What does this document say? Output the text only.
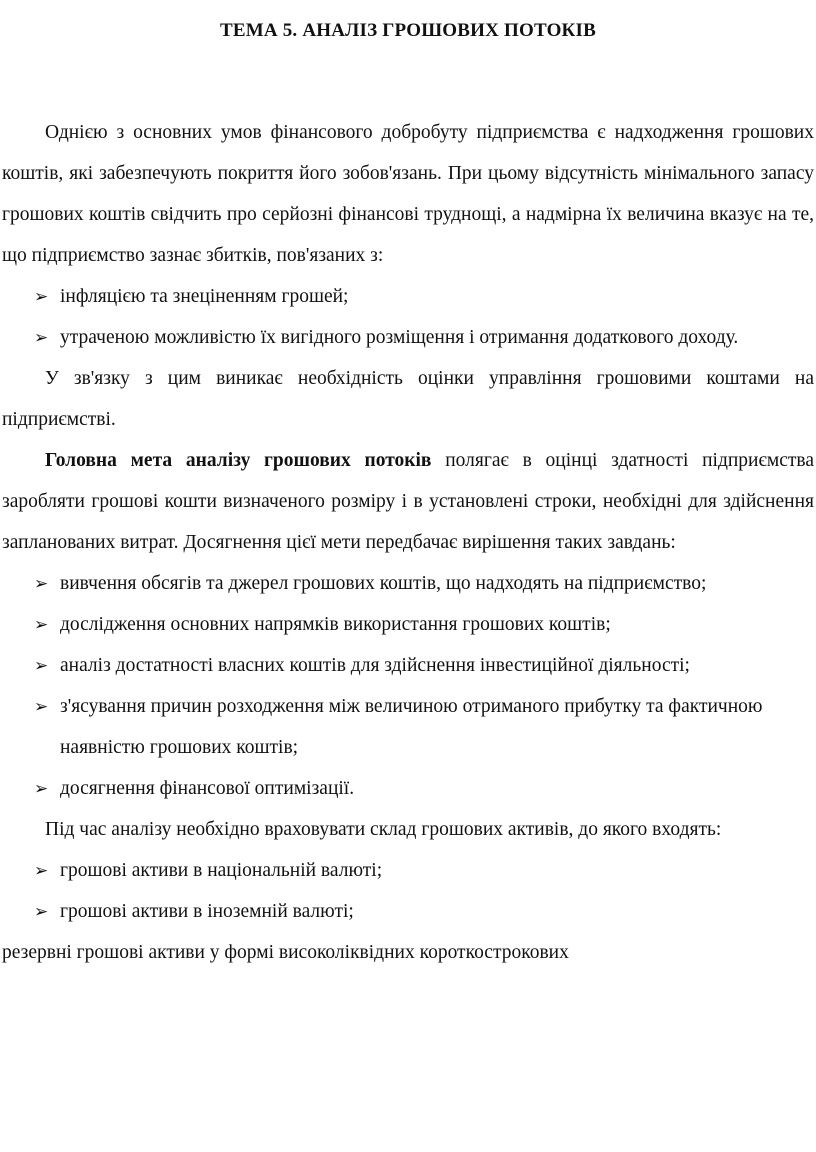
ТЕМА 5. АНАЛІЗ ГРОШОВИХ ПОТОКІВ

Однією з основних умов фінансового добробуту підприємства є надходження грошових коштів, які забезпечують покриття його зобов'язань. При цьому відсутність мінімального запасу грошових коштів свідчить про серйозні фінансові труднощі, а надмірна їх величина вказує на те, що підприємство зазнає збитків, пов'язаних з:

➢ інфляцією та знеціненням грошей;
➢ утраченою можливістю їх вигідного розміщення і отримання додаткового доходу.

У зв'язку з цим виникає необхідність оцінки управління грошовими коштами на підприємстві.

Головна мета аналізу грошових потоків полягає в оцінці здатності підприємства заробляти грошові кошти визначеного розміру і в установлені строки, необхідні для здійснення запланованих витрат. Досягнення цієї мети передбачає вирішення таких завдань:

➢ вивчення обсягів та джерел грошових коштів, що надходять на підприємство;
➢ дослідження основних напрямків використання грошових коштів;
➢ аналіз достатності власних коштів для здійснення інвестиційної діяльності;
➢ з'ясування причин розходження між величиною отриманого прибутку та фактичною наявністю грошових коштів;
➢ досягнення фінансової оптимізації.

Під час аналізу необхідно враховувати склад грошових активів, до якого входять:

➢ грошові активи в національній валюті;
➢ грошові активи в іноземній валюті;

резервні грошові активи у формі високоліквідних короткострокових
